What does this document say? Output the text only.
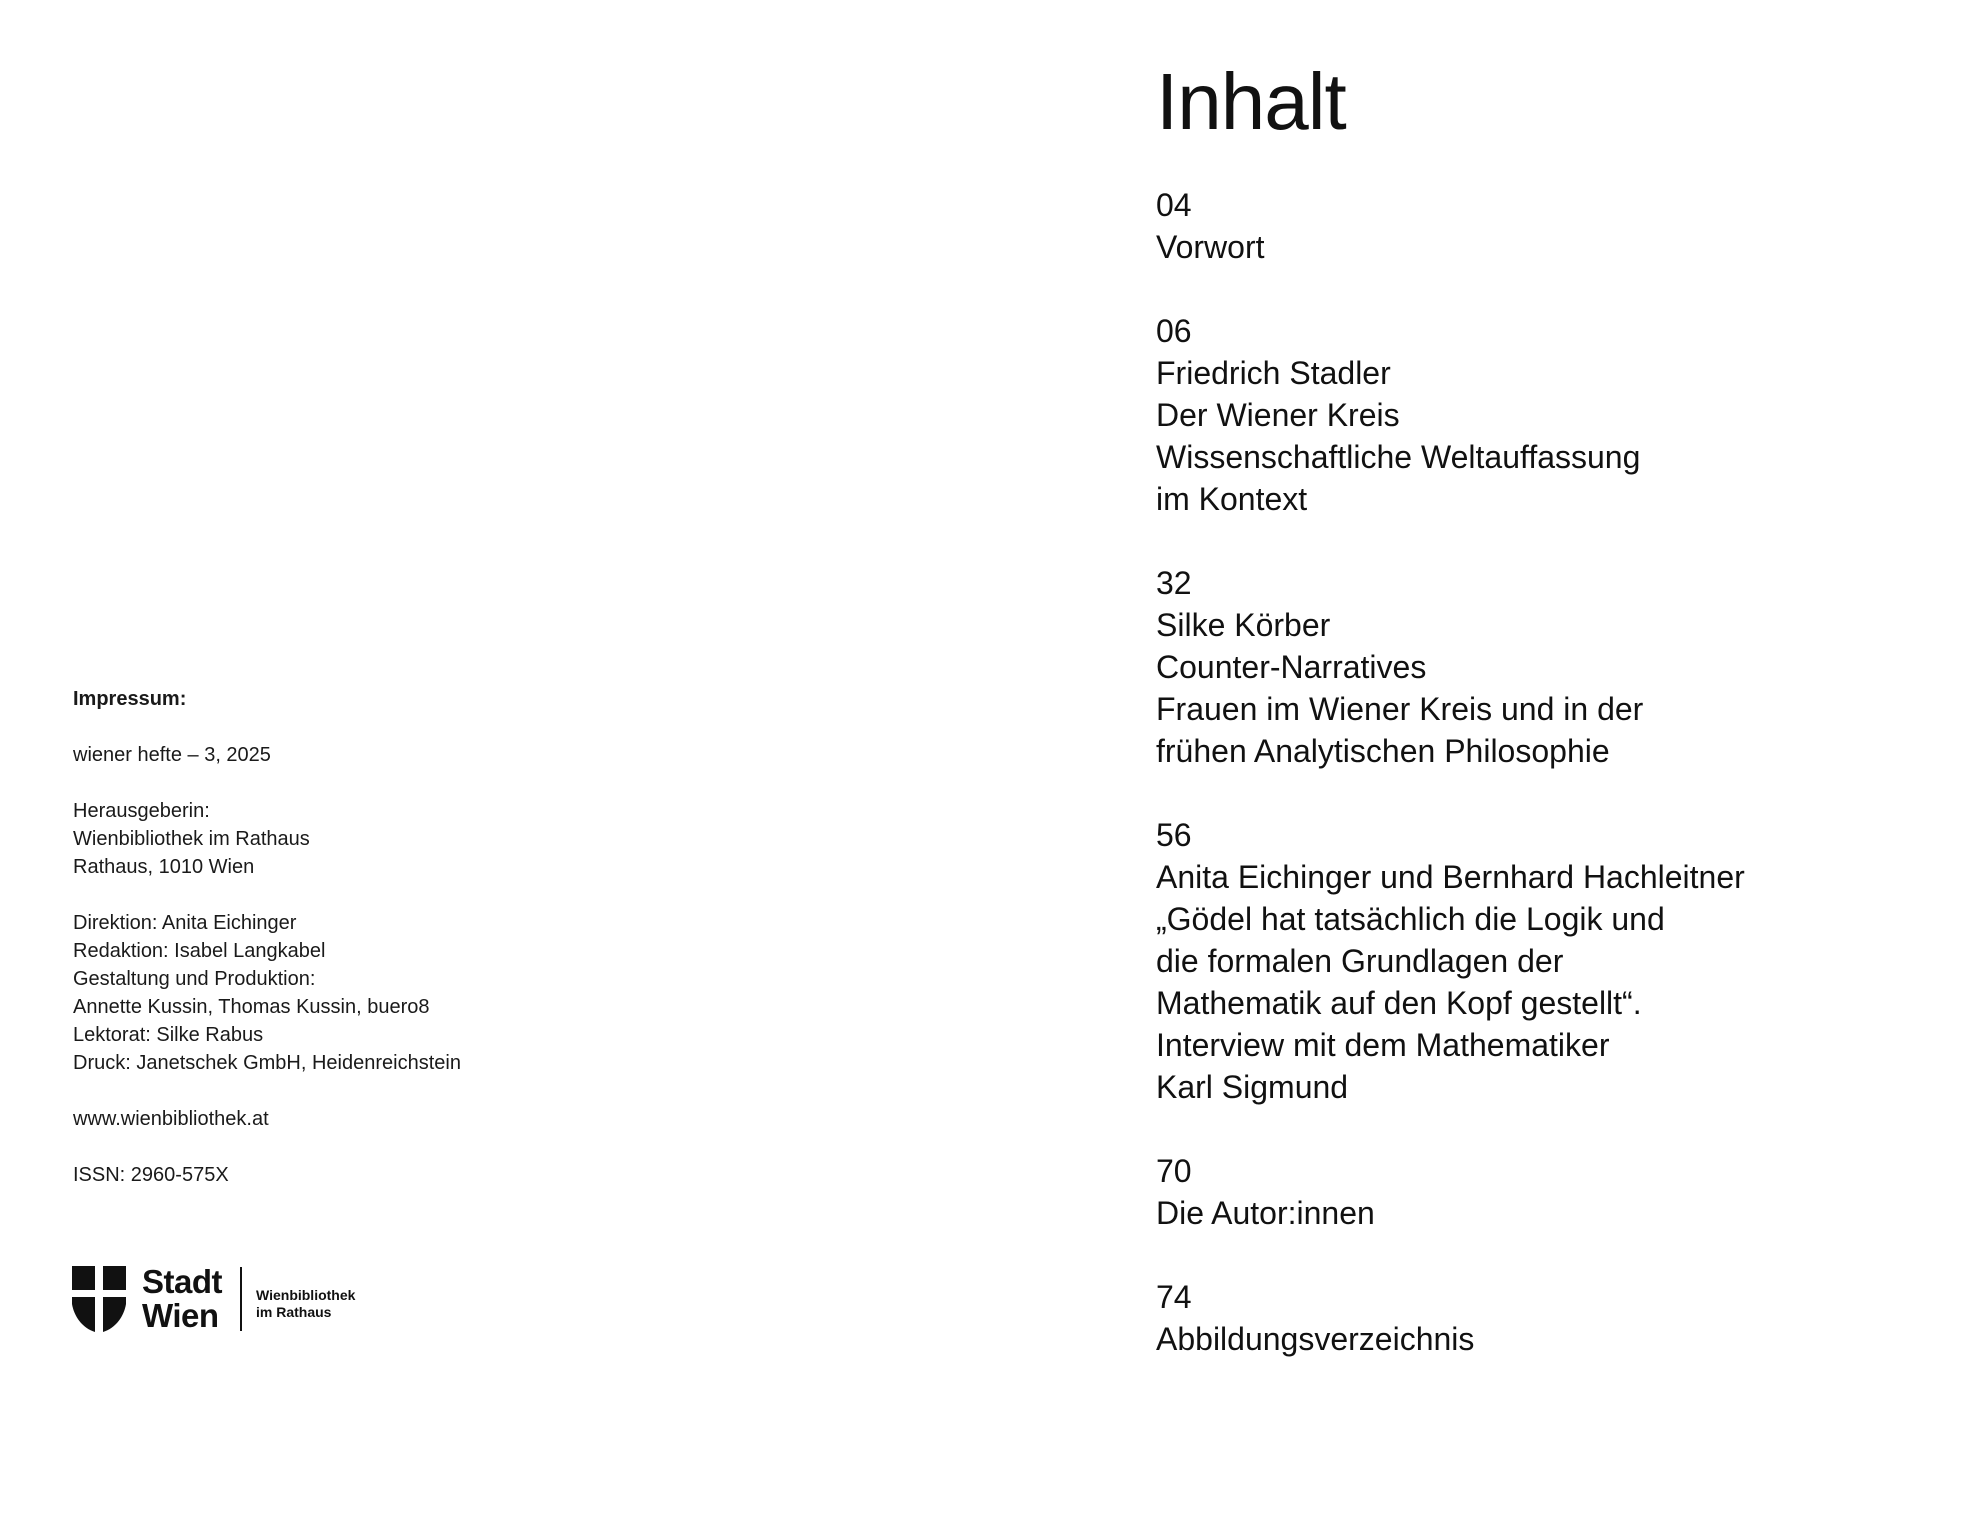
Impressum:

wiener hefte – 3, 2025
Herausgeberin:
Wienbibliothek im Rathaus
Rathaus, 1010 Wien
Direktion: Anita Eichinger
Redaktion: Isabel Langkabel
Gestaltung und Produktion:
Annette Kussin, Thomas Kussin, buero8
Lektorat: Silke Rabus
Druck: Janetschek GmbH, Heidenreichstein
www.wienbibliothek.at
ISSN: 2960-575X
Stadt
Wien
Wienbibliothek
im Rathaus
Inhalt
04
Vorwort
06
Friedrich Stadler
Der Wiener Kreis
Wissenschaftliche Weltauffassung
im Kontext
32
Silke Körber
Counter-Narratives
Frauen im Wiener Kreis und in der
frühen Analytischen Philosophie
56
Anita Eichinger und Bernhard Hachleitner
„Gödel hat tatsächlich die Logik und
die formalen Grundlagen der
Mathematik auf den Kopf gestellt“.
Interview mit dem Mathematiker
Karl Sigmund
70
Die Autor:innen
74
Abbildungsverzeichnis
